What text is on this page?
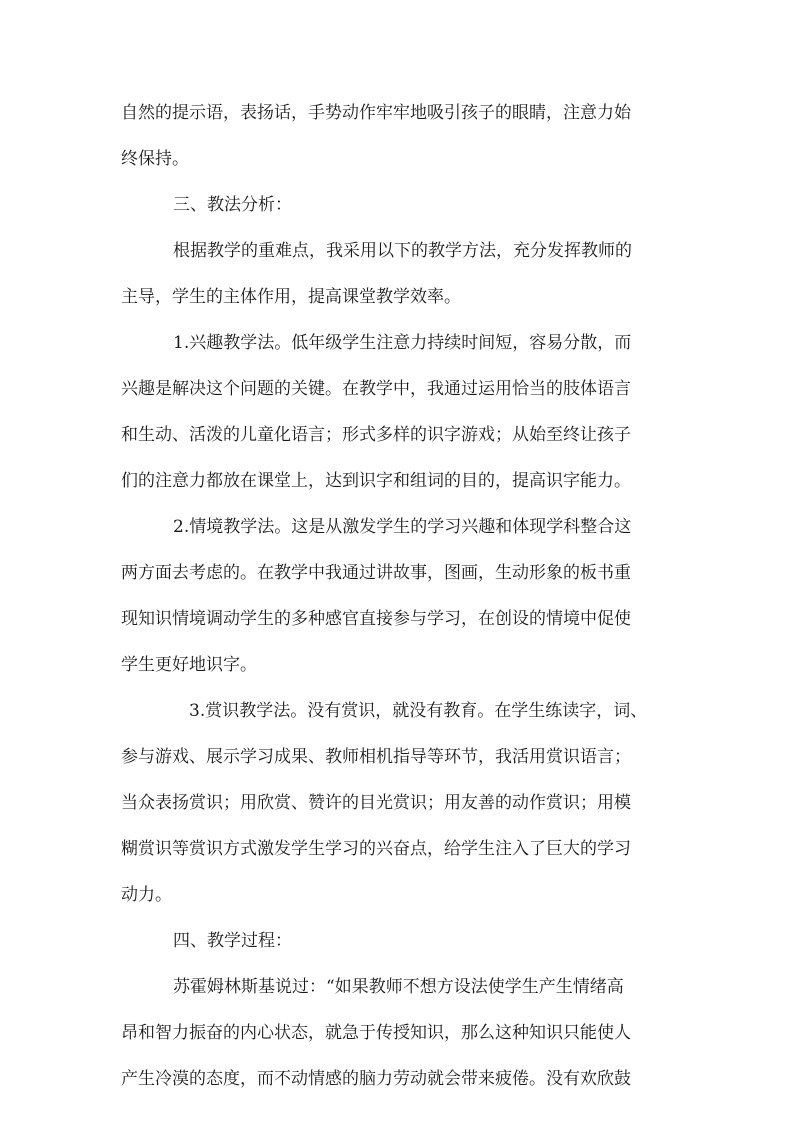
自然的提示语，表扬话，手势动作牢牢地吸引孩子的眼睛，注意力始
终保持。
三、教法分析：
根据教学的重难点，我采用以下的教学方法，充分发挥教师的
主导，学生的主体作用，提高课堂教学效率。
1.兴趣教学法。低年级学生注意力持续时间短，容易分散，而
兴趣是解决这个问题的关键。在教学中，我通过运用恰当的肢体语言
和生动、活泼的儿童化语言；形式多样的识字游戏；从始至终让孩子
们的注意力都放在课堂上，达到识字和组词的目的，提高识字能力。
2.情境教学法。这是从激发学生的学习兴趣和体现学科整合这
两方面去考虑的。在教学中我通过讲故事，图画，生动形象的板书重
现知识情境调动学生的多种感官直接参与学习，在创设的情境中促使
学生更好地识字。
3.赏识教学法。没有赏识，就没有教育。在学生练读字，词、
参与游戏、展示学习成果、教师相机指导等环节，我活用赏识语言；
当众表扬赏识；用欣赏、赞许的目光赏识；用友善的动作赏识；用模
糊赏识等赏识方式激发学生学习的兴奋点，给学生注入了巨大的学习
动力。
四、教学过程：
苏霍姆林斯基说过：“如果教师不想方设法使学生产生情绪高
昂和智力振奋的内心状态，就急于传授知识，那么这种知识只能使人
产生冷漠的态度，而不动情感的脑力劳动就会带来疲倦。没有欢欣鼓
